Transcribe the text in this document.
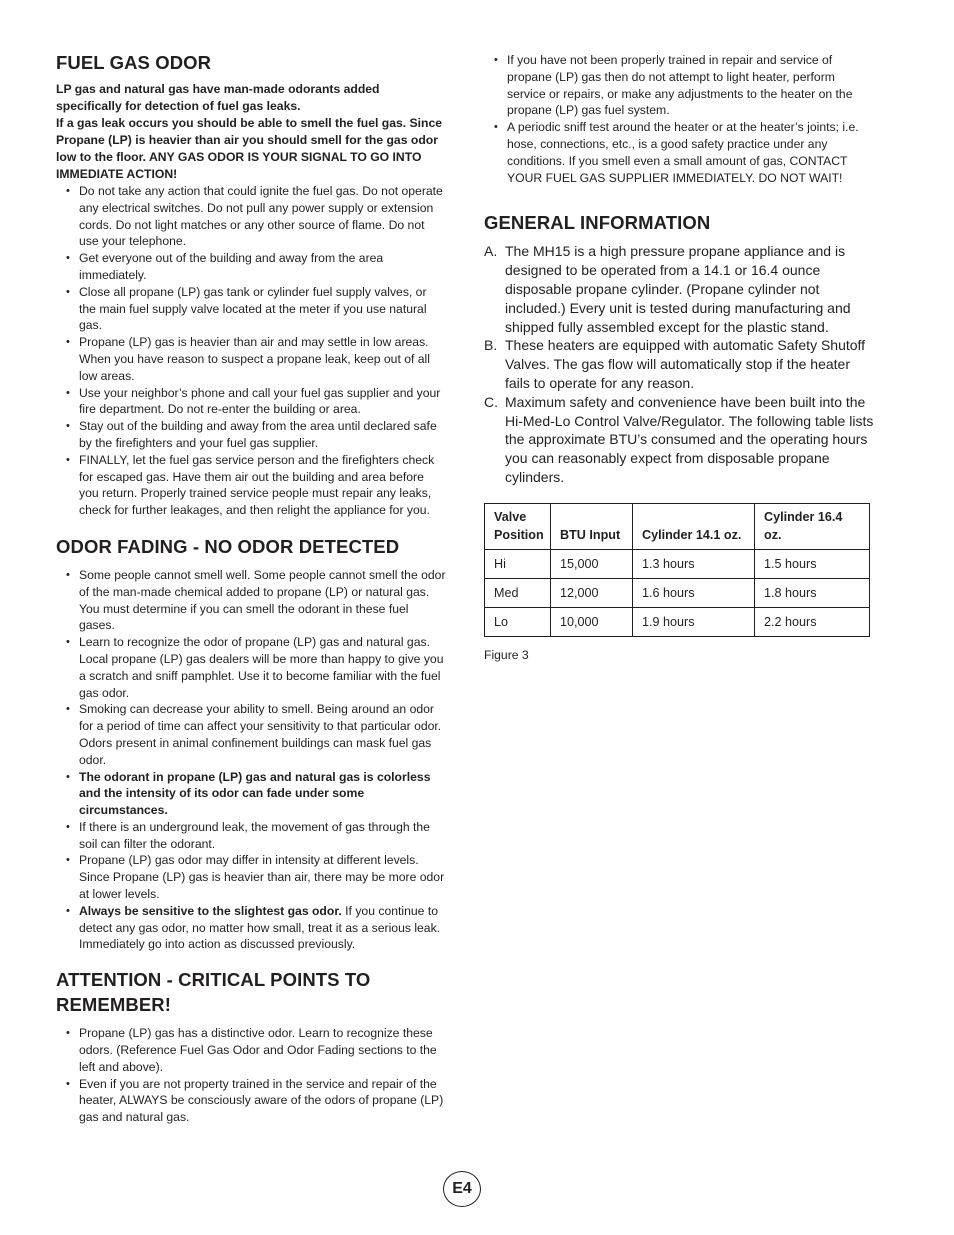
FUEL GAS ODOR

LP gas and natural gas have man-made odorants added specifically for detection of fuel gas leaks.

If a gas leak occurs you should be able to smell the fuel gas. Since Propane (LP) is heavier than air you should smell for the gas odor low to the floor. ANY GAS ODOR IS YOUR SIGNAL TO GO INTO IMMEDIATE ACTION!

• Do not take any action that could ignite the fuel gas. Do not operate any electrical switches. Do not pull any power supply or extension cords. Do not light matches or any other source of flame. Do not use your telephone.
• Get everyone out of the building and away from the area immediately.
• Close all propane (LP) gas tank or cylinder fuel supply valves, or the main fuel supply valve located at the meter if you use natural gas.
• Propane (LP) gas is heavier than air and may settle in low areas. When you have reason to suspect a propane leak, keep out of all low areas.
• Use your neighbor’s phone and call your fuel gas supplier and your fire department. Do not re-enter the building or area.
• Stay out of the building and away from the area until declared safe by the firefighters and your fuel gas supplier.
• FINALLY, let the fuel gas service person and the firefighters check for escaped gas. Have them air out the building and area before you return. Properly trained service people must repair any leaks, check for further leakages, and then relight the appliance for you.
ODOR FADING - NO ODOR DETECTED
• Some people cannot smell well. Some people cannot smell the odor of the man-made chemical added to propane (LP) or natural gas. You must determine if you can smell the odorant in these fuel gases.
• Learn to recognize the odor of propane (LP) gas and natural gas. Local propane (LP) gas dealers will be more than happy to give you a scratch and sniff pamphlet. Use it to become familiar with the fuel gas odor.
• Smoking can decrease your ability to smell. Being around an odor for a period of time can affect your sensitivity to that particular odor. Odors present in animal confinement buildings can mask fuel gas odor.
• The odorant in propane (LP) gas and natural gas is colorless and the intensity of its odor can fade under some circumstances.
• If there is an underground leak, the movement of gas through the soil can filter the odorant.
• Propane (LP) gas odor may differ in intensity at different levels. Since Propane (LP) gas is heavier than air, there may be more odor at lower levels.
• Always be sensitive to the slightest gas odor. If you continue to detect any gas odor, no matter how small, treat it as a serious leak. Immediately go into action as discussed previously.
ATTENTION - CRITICAL POINTS TO REMEMBER!
• Propane (LP) gas has a distinctive odor. Learn to recognize these odors. (Reference Fuel Gas Odor and Odor Fading sections to the left and above).
• Even if you are not property trained in the service and repair of the heater, ALWAYS be consciously aware of the odors of propane (LP) gas and natural gas.
• If you have not been properly trained in repair and service of propane (LP) gas then do not attempt to light heater, perform service or repairs, or make any adjustments to the heater on the propane (LP) gas fuel system.
• A periodic sniff test around the heater or at the heater’s joints; i.e. hose, connections, etc., is a good safety practice under any conditions. If you smell even a small amount of gas, CONTACT YOUR FUEL GAS SUPPLIER IMMEDIATELY. DO NOT WAIT!
GENERAL INFORMATION
A. The MH15 is a high pressure propane appliance and is designed to be operated from a 14.1 or 16.4 ounce disposable propane cylinder. (Propane cylinder not included.) Every unit is tested during manufacturing and shipped fully assembled except for the plastic stand.
B. These heaters are equipped with automatic Safety Shutoff Valves. The gas flow will automatically stop if the heater fails to operate for any reason.
C. Maximum safety and convenience have been built into the Hi-Med-Lo Control Valve/Regulator. The following table lists the approximate BTU’s consumed and the operating hours you can reasonably expect from disposable propane cylinders.
Valve Position	BTU Input	Cylinder 14.1 oz.	Cylinder 16.4 oz.
Hi	15,000	1.3 hours	1.5 hours
Med	12,000	1.6 hours	1.8 hours
Lo	10,000	1.9 hours	2.2 hours
Figure 3
E4
